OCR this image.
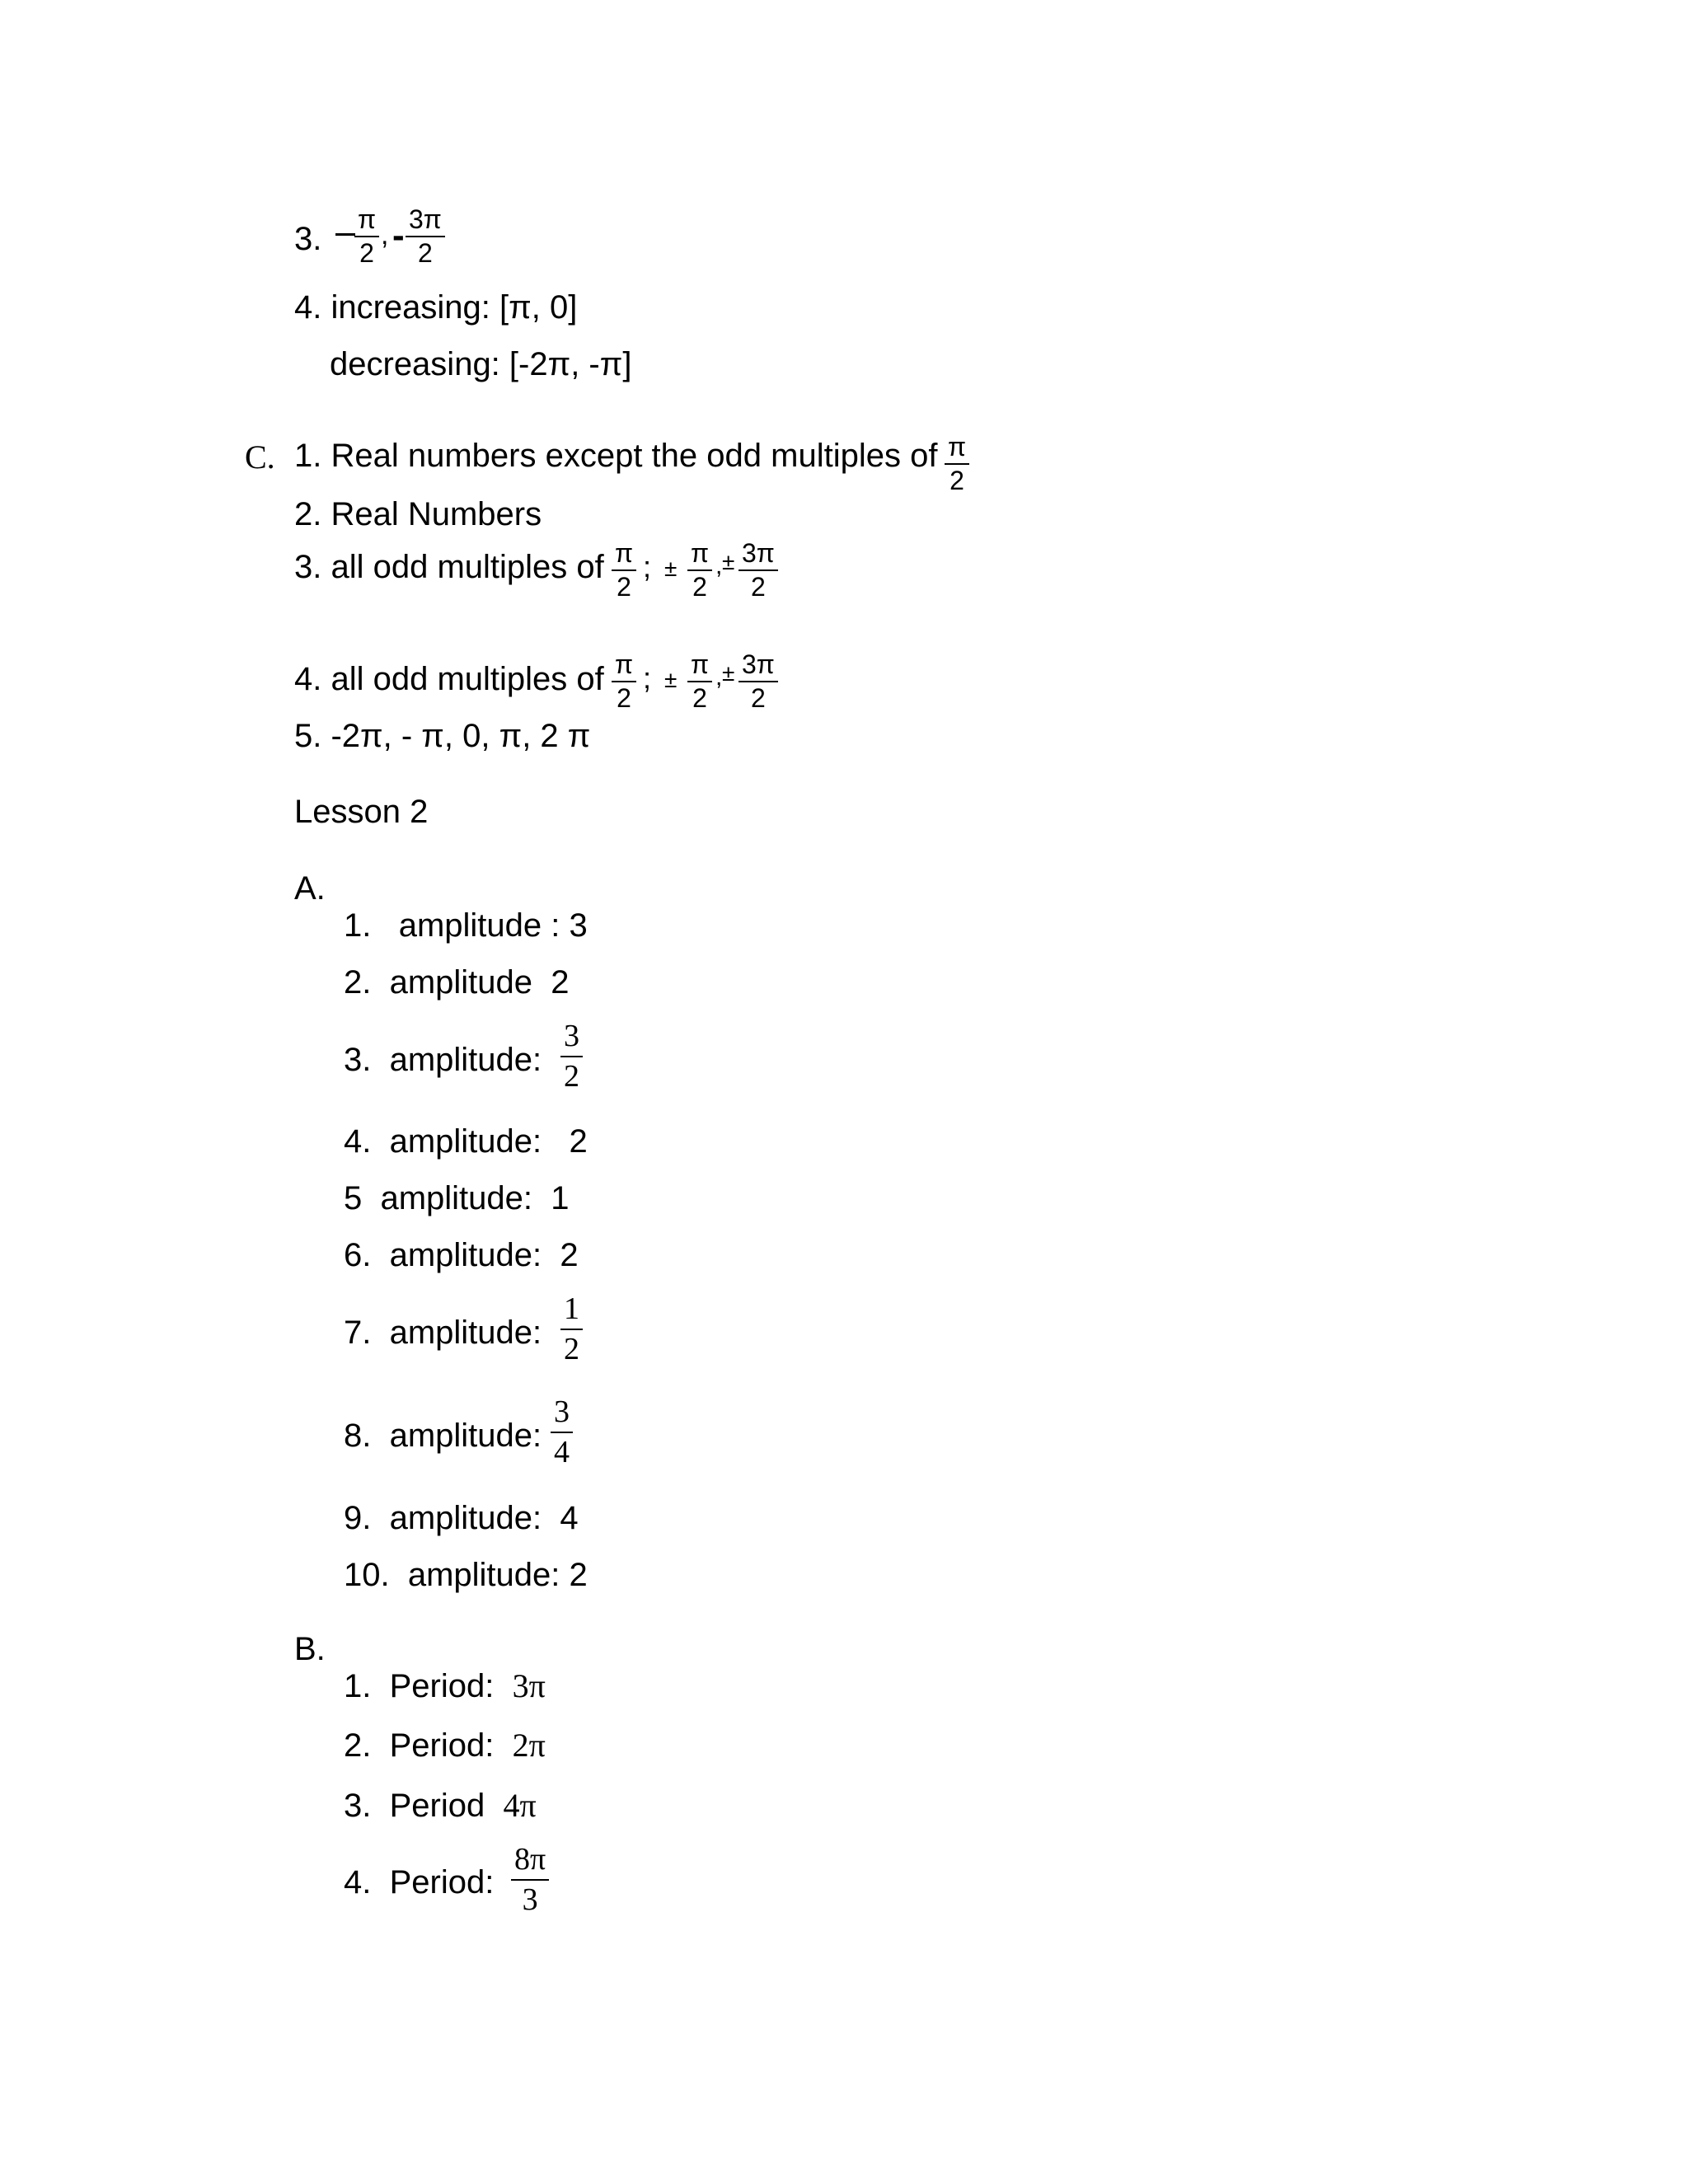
3. $\frac{\pi}{2}$ , - $\frac{3\pi}{2}$
4. increasing: [π, 0]
decreasing: [-2π, -π]
C. 1. Real numbers except the odd multiples of $\frac{\pi}{2}$
2. Real Numbers
3. all odd multiples of $\frac{\pi}{2}$ ; ± $\frac{\pi}{2}$ , ± $\frac{3\pi}{2}$
4. all odd multiples of $\frac{\pi}{2}$ ; ± $\frac{\pi}{2}$ , ± $\frac{3\pi}{2}$
5. -2π, - π, 0, π, 2 π
Lesson 2
A.
1.   amplitude : 3
2.  amplitude  2
3.  amplitude: $\frac{3}{2}$
4.  amplitude:   2
5  amplitude:  1
6.  amplitude:  2
7.  amplitude: $\frac{1}{2}$
8.  amplitude: $\frac{3}{4}$
9.  amplitude:  4
10.  amplitude: 2
B.
1.  Period:  3π
2.  Period:  2π
3.  Period  4π
4.  Period: $\frac{8\pi}{3}$
